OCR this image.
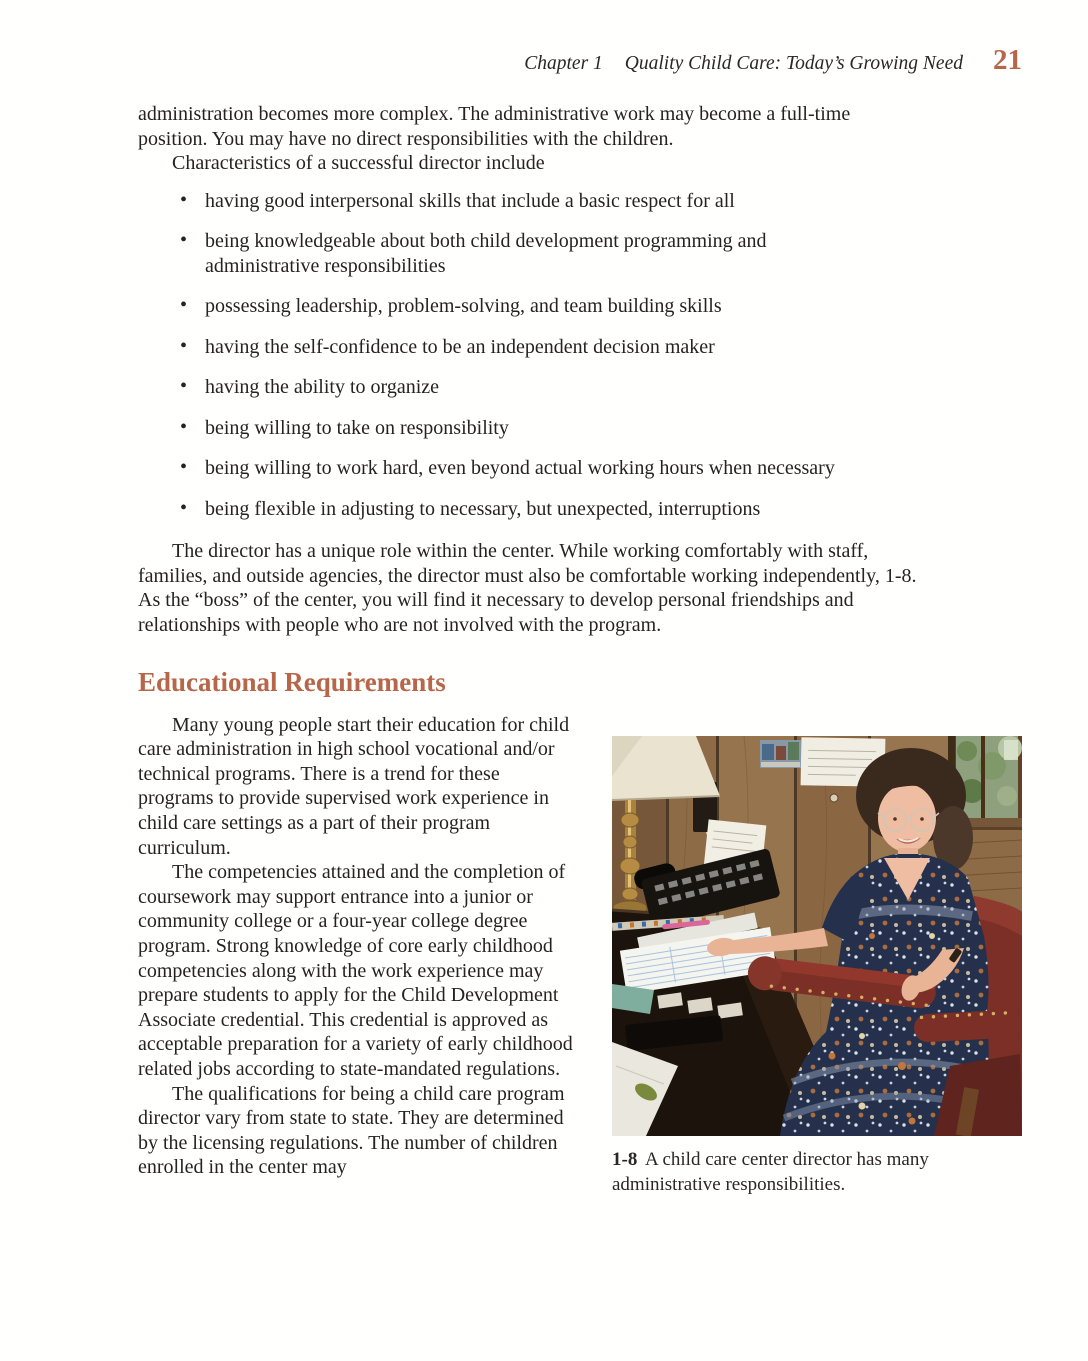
Chapter 1 Quality Child Care: Today’s Growing Need 21

administration becomes more complex. The administrative work may become a full-time position. You may have no direct responsibilities with the children.

Characteristics of a successful director include

• having good interpersonal skills that include a basic respect for all
• being knowledgeable about both child development programming and administrative responsibilities
• possessing leadership, problem-solving, and team building skills
• having the self-confidence to be an independent decision maker
• having the ability to organize
• being willing to take on responsibility
• being willing to work hard, even beyond actual working hours when necessary
• being flexible in adjusting to necessary, but unexpected, interruptions

The director has a unique role within the center. While working comfortably with staff, families, and outside agencies, the director must also be comfortable working independently, 1-8. As the “boss” of the center, you will find it necessary to develop personal friendships and relationships with people who are not involved with the program.

Educational Requirements

Many young people start their education for child care administration in high school vocational and/or technical programs. There is a trend for these programs to provide supervised work experience in child care settings as a part of their program curriculum.

The competencies attained and the completion of coursework may support entrance into a junior or community college or a four-year college degree program. Strong knowledge of core early childhood competencies along with the work experience may prepare students to apply for the Child Development Associate credential. This credential is approved as acceptable preparation for a variety of early childhood related jobs according to state-mandated regulations.

The qualifications for being a child care program director vary from state to state. They are determined by the licensing regulations. The number of children enrolled in the center may	1-8 A child care center director has many administrative responsibilities.
